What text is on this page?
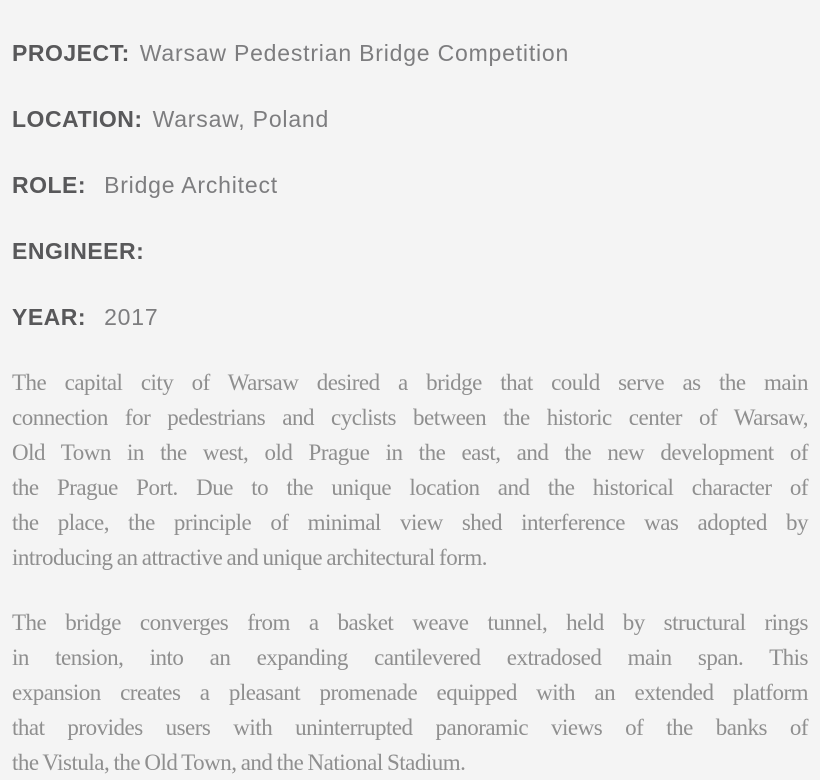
PROJECT: Warsaw Pedestrian Bridge Competition
LOCATION: Warsaw, Poland
ROLE: Bridge Architect
ENGINEER:
YEAR: 2017
The capital city of Warsaw desired a bridge that could serve as the main
connection for pedestrians and cyclists between the historic center of Warsaw,
Old Town in the west, old Prague in the east, and the new development of
the Prague Port. Due to the unique location and the historical character of
the place, the principle of minimal view shed interference was adopted by
introducing an attractive and unique architectural form.
The bridge converges from a basket weave tunnel, held by structural rings
in tension, into an expanding cantilevered extradosed main span. This
expansion creates a pleasant promenade equipped with an extended platform
that provides users with uninterrupted panoramic views of the banks of
the Vistula, the Old Town, and the National Stadium.
